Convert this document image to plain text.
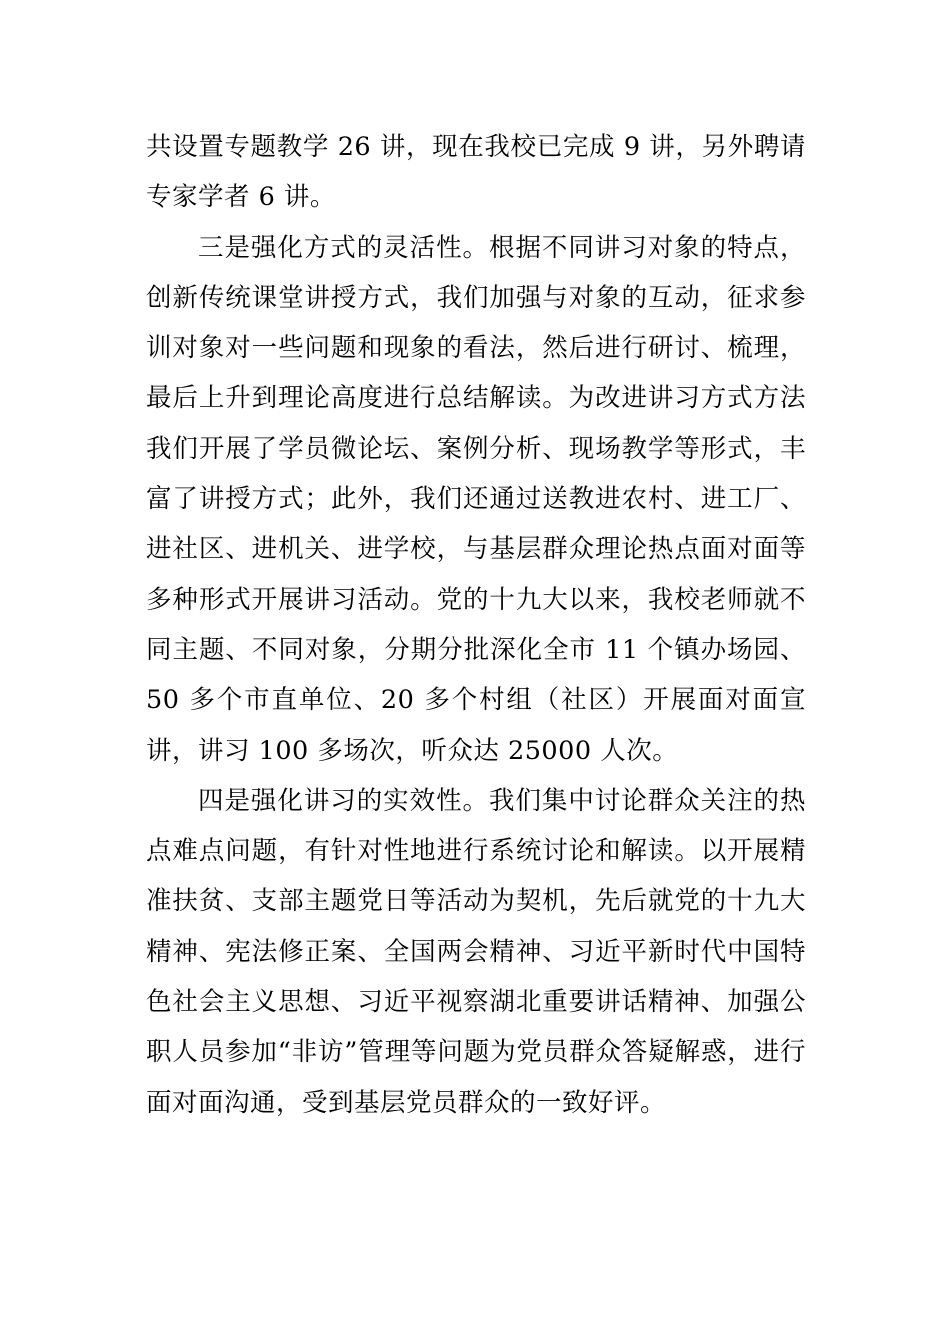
共设置专题教学 26 讲，现在我校已完成 9 讲，另外聘请专家学者 6 讲。

三是强化方式的灵活性。根据不同讲习对象的特点，创新传统课堂讲授方式，我们加强与对象的互动，征求参训对象对一些问题和现象的看法，然后进行研讨、梳理，最后上升到理论高度进行总结解读。为改进讲习方式方法我们开展了学员微论坛、案例分析、现场教学等形式，丰富了讲授方式；此外，我们还通过送教进农村、进工厂、进社区、进机关、进学校，与基层群众理论热点面对面等多种形式开展讲习活动。党的十九大以来，我校老师就不同主题、不同对象，分期分批深化全市 11 个镇办场园、50 多个市直单位、20 多个村组（社区）开展面对面宣讲，讲习 100 多场次，听众达 25000 人次。

四是强化讲习的实效性。我们集中讨论群众关注的热点难点问题，有针对性地进行系统讨论和解读。以开展精准扶贫、支部主题党日等活动为契机，先后就党的十九大精神、宪法修正案、全国两会精神、习近平新时代中国特色社会主义思想、习近平视察湖北重要讲话精神、加强公职人员参加“非访”管理等问题为党员群众答疑解惑，进行面对面沟通，受到基层党员群众的一致好评。
